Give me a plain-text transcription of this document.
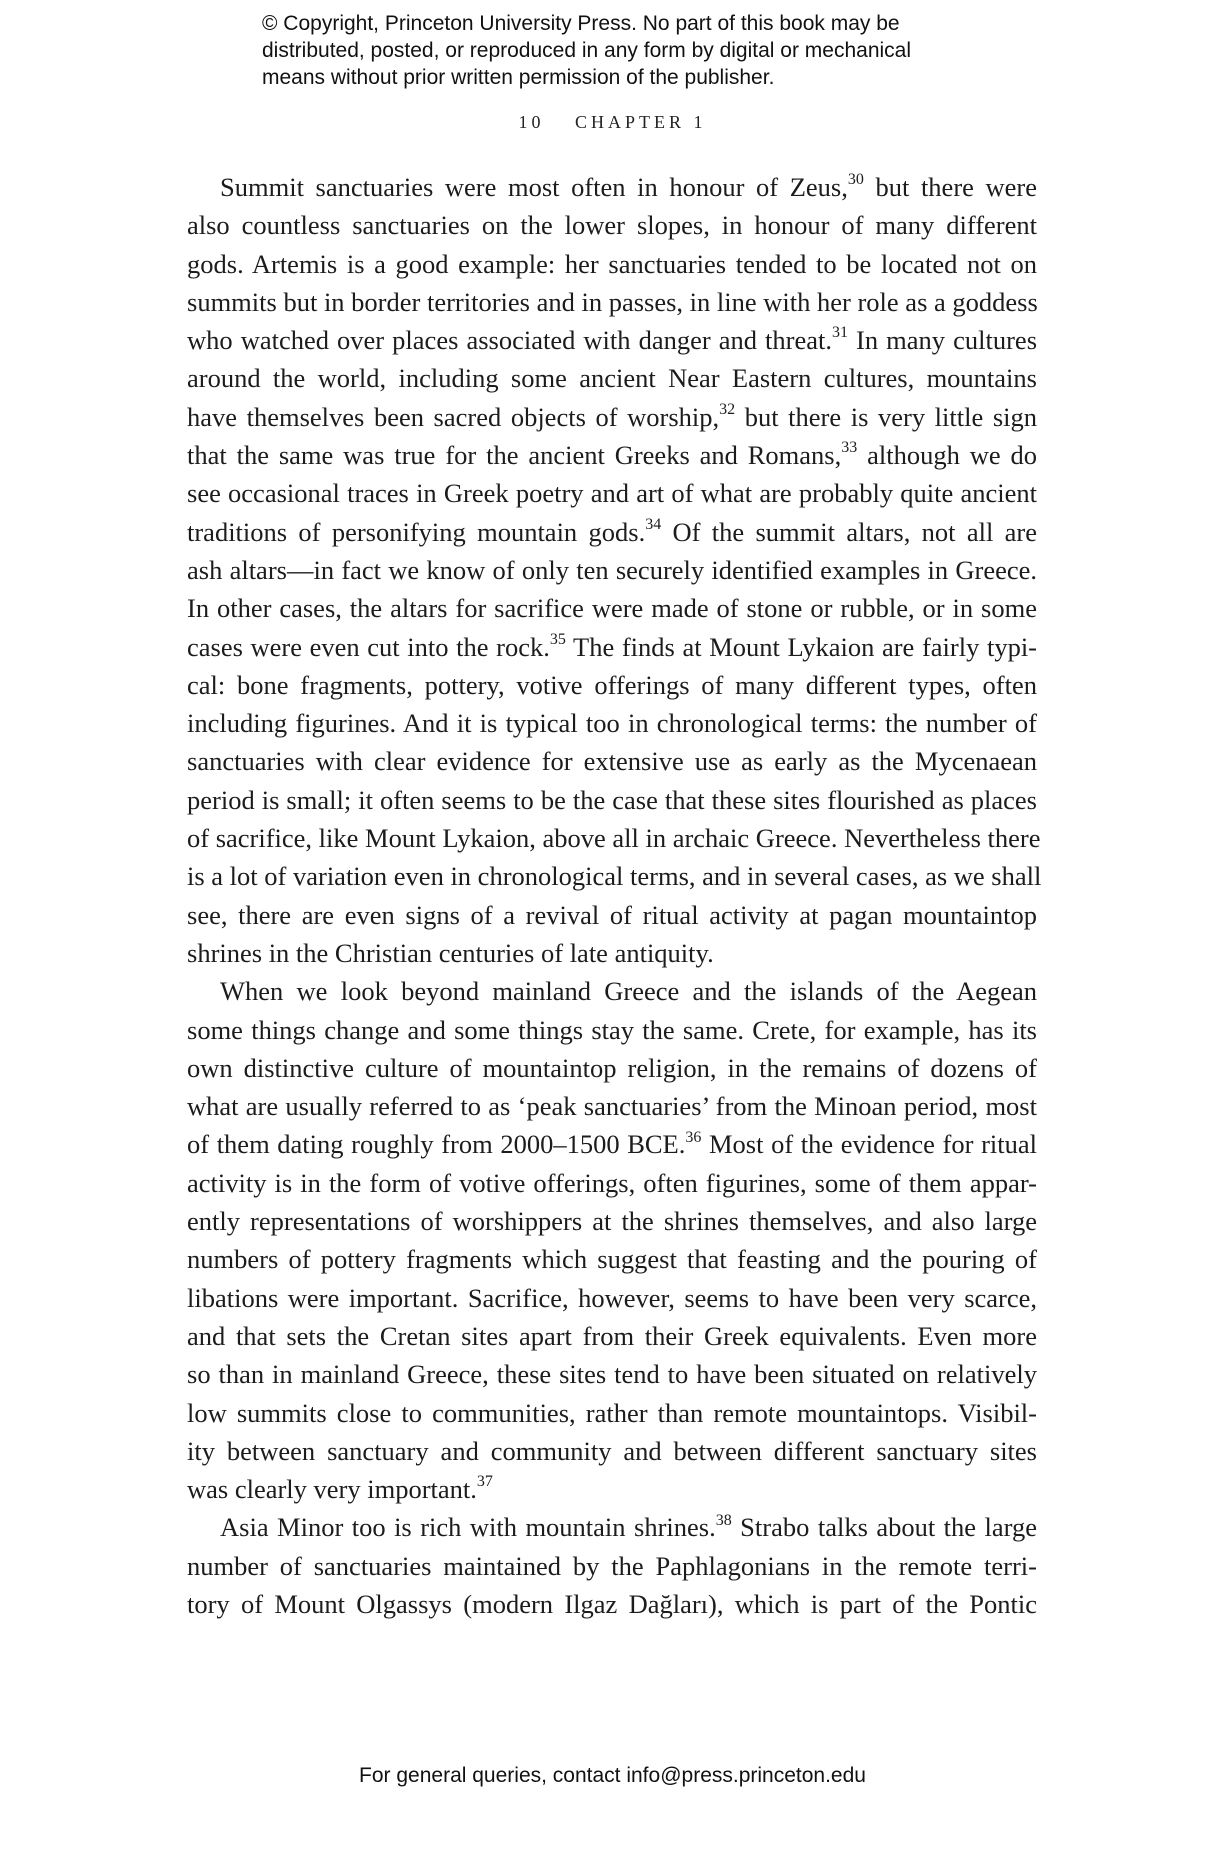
© Copyright, Princeton University Press. No part of this book may be
distributed, posted, or reproduced in any form by digital or mechanical
means without prior written permission of the publisher.
10 CHAPTER 1
Summit sanctuaries were most often in honour of Zeus,$^{30}$ but there were
also countless sanctuaries on the lower slopes, in honour of many different
gods. Artemis is a good example: her sanctuaries tended to be located not on
summits but in border territories and in passes, in line with her role as a goddess
who watched over places associated with danger and threat.$^{31}$ In many cultures
around the world, including some ancient Near Eastern cultures, mountains
have themselves been sacred objects of worship,$^{32}$ but there is very little sign
that the same was true for the ancient Greeks and Romans,$^{33}$ although we do
see occasional traces in Greek poetry and art of what are probably quite ancient
traditions of personifying mountain gods.$^{34}$ Of the summit altars, not all are
ash altars—in fact we know of only ten securely identified examples in Greece.
In other cases, the altars for sacrifice were made of stone or rubble, or in some
cases were even cut into the rock.$^{35}$ The finds at Mount Lykaion are fairly typi-
cal: bone fragments, pottery, votive offerings of many different types, often
including figurines. And it is typical too in chronological terms: the number of
sanctuaries with clear evidence for extensive use as early as the Mycenaean
period is small; it often seems to be the case that these sites flourished as places
of sacrifice, like Mount Lykaion, above all in archaic Greece. Nevertheless there
is a lot of variation even in chronological terms, and in several cases, as we shall
see, there are even signs of a revival of ritual activity at pagan mountaintop
shrines in the Christian centuries of late antiquity.
When we look beyond mainland Greece and the islands of the Aegean
some things change and some things stay the same. Crete, for example, has its
own distinctive culture of mountaintop religion, in the remains of dozens of
what are usually referred to as ‘peak sanctuaries’ from the Minoan period, most
of them dating roughly from 2000–1500 BCE.$^{36}$ Most of the evidence for ritual
activity is in the form of votive offerings, often figurines, some of them appar-
ently representations of worshippers at the shrines themselves, and also large
numbers of pottery fragments which suggest that feasting and the pouring of
libations were important. Sacrifice, however, seems to have been very scarce,
and that sets the Cretan sites apart from their Greek equivalents. Even more
so than in mainland Greece, these sites tend to have been situated on relatively
low summits close to communities, rather than remote mountaintops. Visibil-
ity between sanctuary and community and between different sanctuary sites
was clearly very important.$^{37}$
Asia Minor too is rich with mountain shrines.$^{38}$ Strabo talks about the large
number of sanctuaries maintained by the Paphlagonians in the remote terri-
tory of Mount Olgassys (modern Ilgaz Dağları), which is part of the Pontic
For general queries, contact info@press.princeton.edu
